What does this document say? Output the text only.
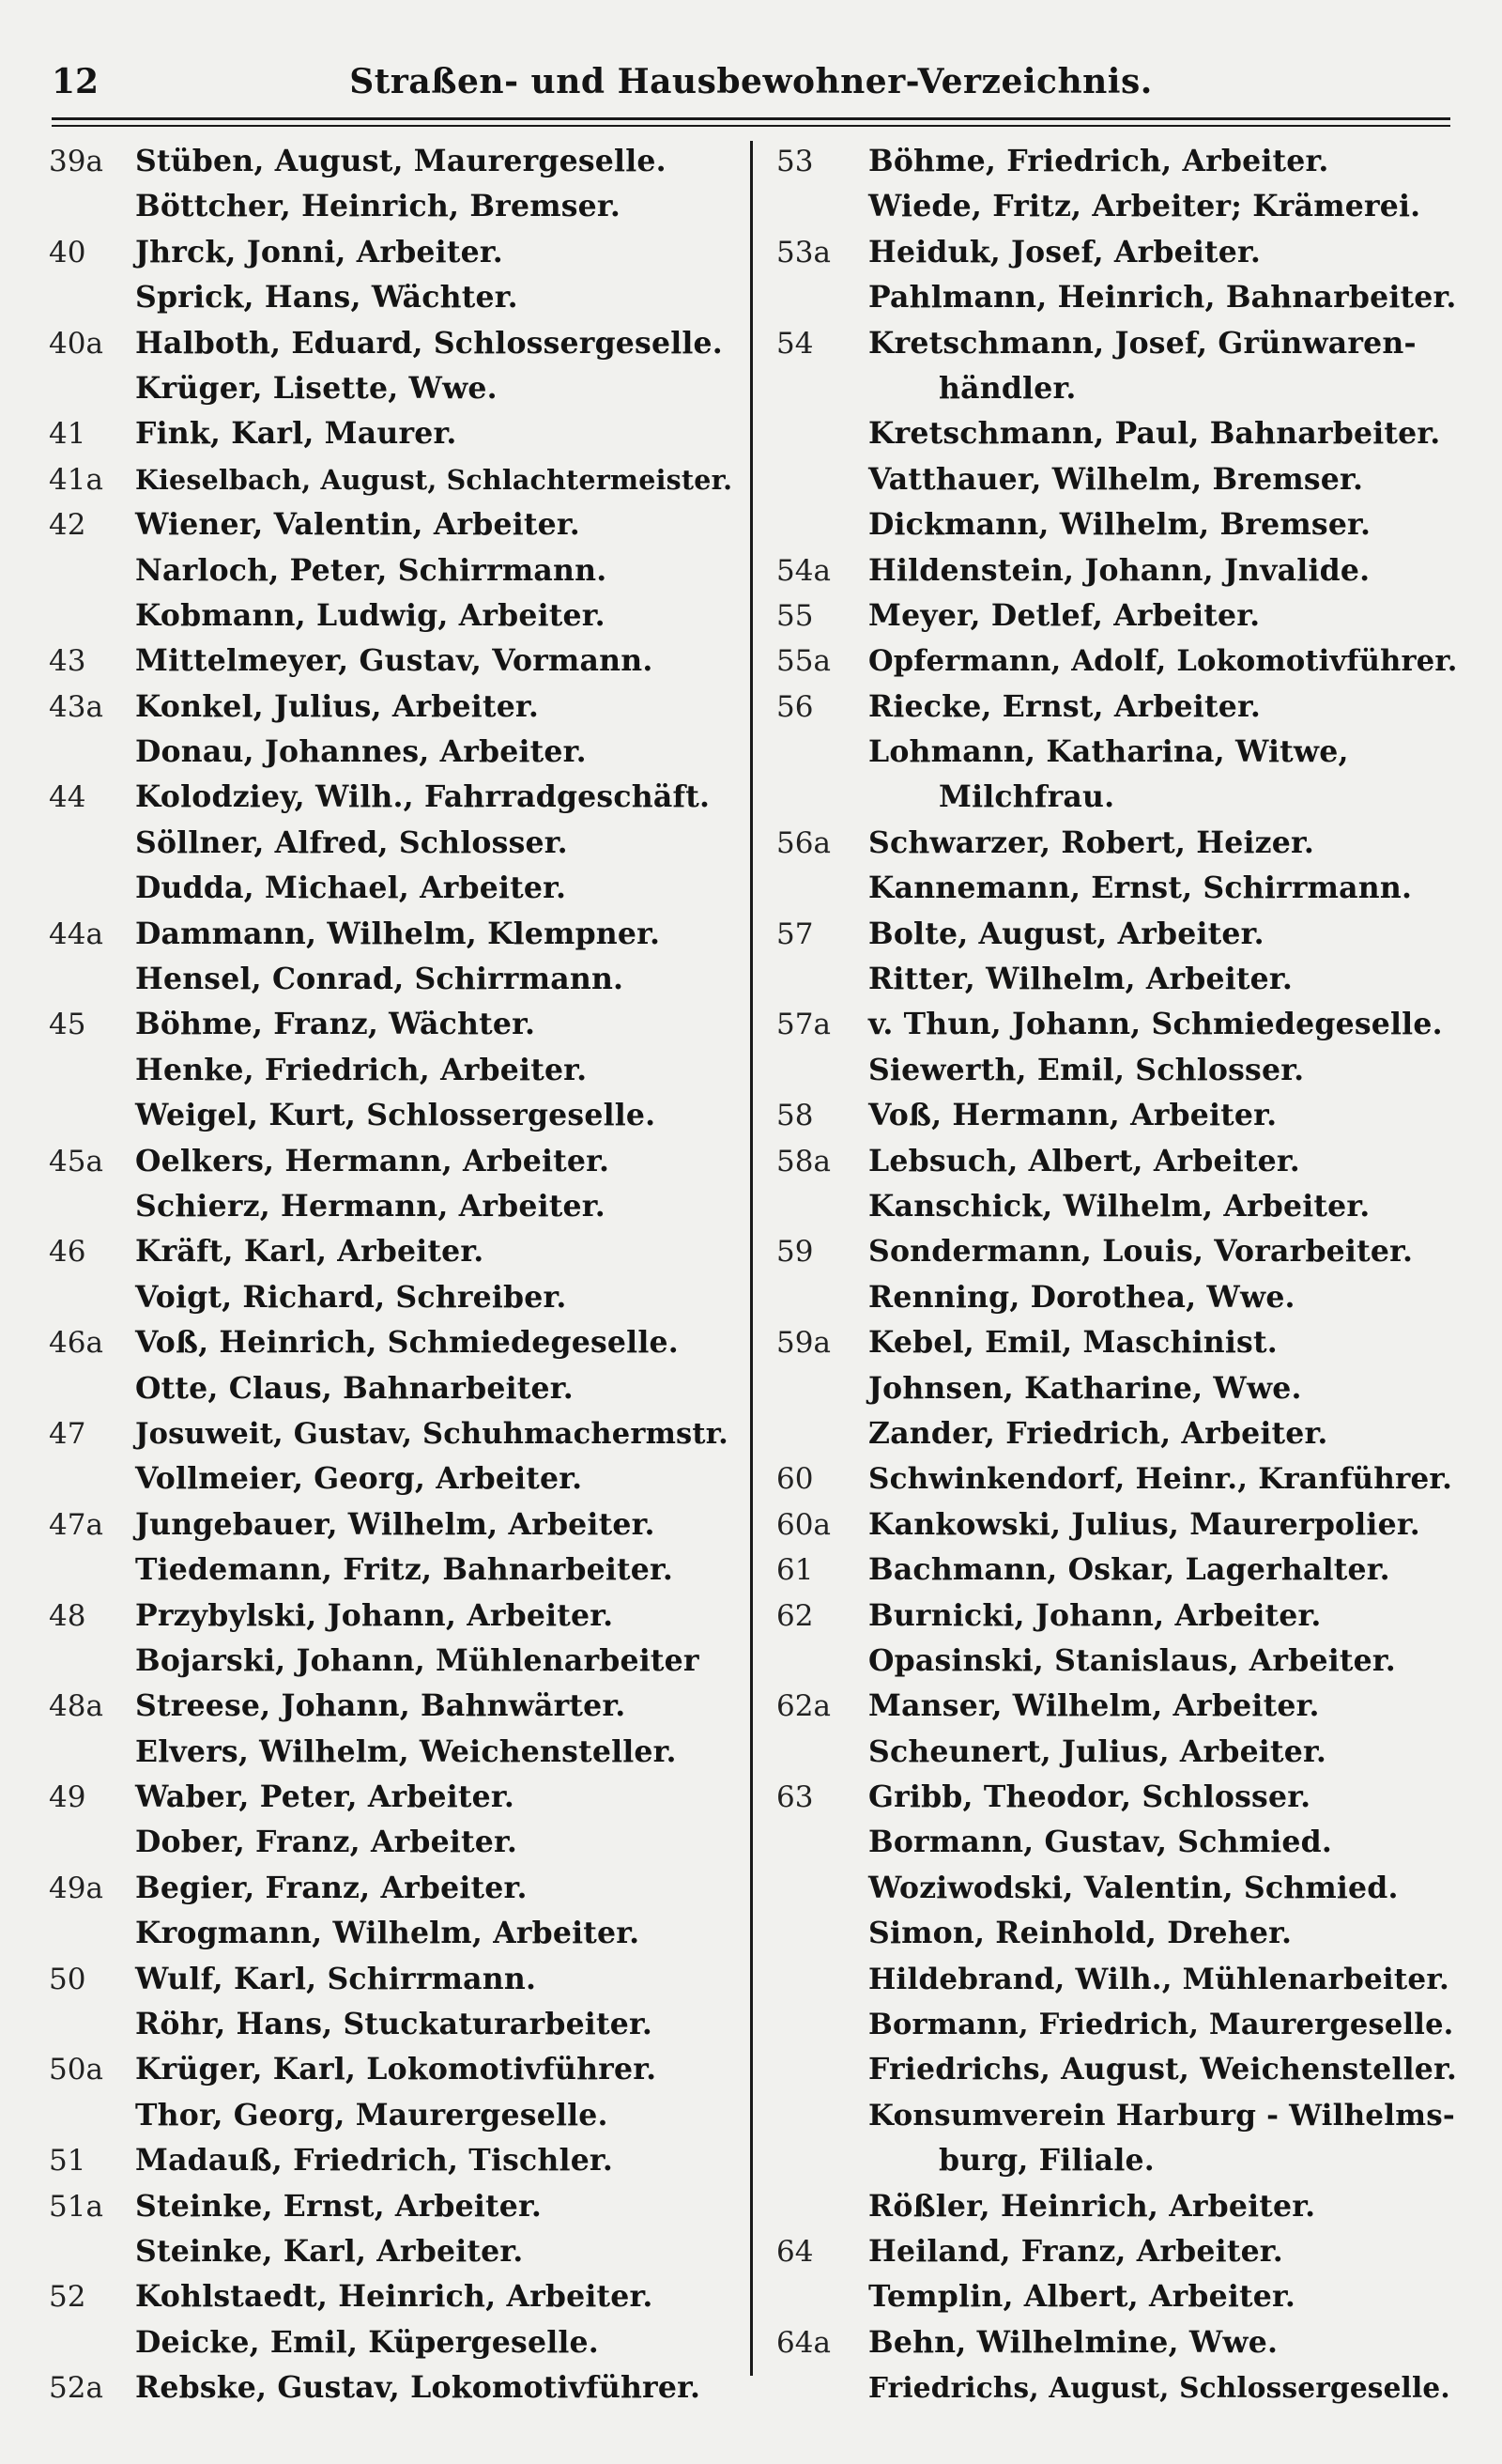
12	Straßen- und Hausbewohner-Verzeichnis.
39a Stüben, August, Maurergeselle.
Böttcher, Heinrich, Bremser.
40 Jhrck, Jonni, Arbeiter.
Sprick, Hans, Wächter.
40a Halboth, Eduard, Schlossergeselle.
Krüger, Lisette, Wwe.
41 Fink, Karl, Maurer.
41a Kieselbach, August, Schlachtermeister.
42 Wiener, Valentin, Arbeiter.
Narloch, Peter, Schirrmann.
Kobmann, Ludwig, Arbeiter.
43 Mittelmeyer, Gustav, Vormann.
43a Konkel, Julius, Arbeiter.
Donau, Johannes, Arbeiter.
44 Kolodziey, Wilh., Fahrradgeschäft.
Söllner, Alfred, Schlosser.
Dudda, Michael, Arbeiter.
44a Dammann, Wilhelm, Klempner.
Hensel, Conrad, Schirrmann.
45 Böhme, Franz, Wächter.
Henke, Friedrich, Arbeiter.
Weigel, Kurt, Schlossergeselle.
45a Oelkers, Hermann, Arbeiter.
Schierz, Hermann, Arbeiter.
46 Kräft, Karl, Arbeiter.
Voigt, Richard, Schreiber.
46a Voß, Heinrich, Schmiedegeselle.
Otte, Claus, Bahnarbeiter.
47 Josuweit, Gustav, Schuhmachermstr.
Vollmeier, Georg, Arbeiter.
47a Jungebauer, Wilhelm, Arbeiter.
Tiedemann, Fritz, Bahnarbeiter.
48 Przybylski, Johann, Arbeiter.
Bojarski, Johann, Mühlenarbeiter
48a Streese, Johann, Bahnwärter.
Elvers, Wilhelm, Weichensteller.
49 Waber, Peter, Arbeiter.
Dober, Franz, Arbeiter.
49a Begier, Franz, Arbeiter.
Krogmann, Wilhelm, Arbeiter.
50 Wulf, Karl, Schirrmann.
Röhr, Hans, Stuckaturarbeiter.
50a Krüger, Karl, Lokomotivführer.
Thor, Georg, Maurergeselle.
51 Madauß, Friedrich, Tischler.
51a Steinke, Ernst, Arbeiter.
Steinke, Karl, Arbeiter.
52 Kohlstaedt, Heinrich, Arbeiter.
Deicke, Emil, Küpergeselle.
52a Rebske, Gustav, Lokomotivführer.
53 Böhme, Friedrich, Arbeiter.
Wiede, Fritz, Arbeiter; Krämerei.
53a Heiduk, Josef, Arbeiter.
Pahlmann, Heinrich, Bahnarbeiter.
54 Kretschmann, Josef, Grünwaren-
händler.
Kretschmann, Paul, Bahnarbeiter.
Vatthauer, Wilhelm, Bremser.
Dickmann, Wilhelm, Bremser.
54a Hildenstein, Johann, Jnvalide.
55 Meyer, Detlef, Arbeiter.
55a Opfermann, Adolf, Lokomotivführer.
56 Riecke, Ernst, Arbeiter.
Lohmann, Katharina, Witwe,
Milchfrau.
56a Schwarzer, Robert, Heizer.
Kannemann, Ernst, Schirrmann.
57 Bolte, August, Arbeiter.
Ritter, Wilhelm, Arbeiter.
57a v. Thun, Johann, Schmiedegeselle.
Siewerth, Emil, Schlosser.
58 Voß, Hermann, Arbeiter.
58a Lebsuch, Albert, Arbeiter.
Kanschick, Wilhelm, Arbeiter.
59 Sondermann, Louis, Vorarbeiter.
Renning, Dorothea, Wwe.
59a Kebel, Emil, Maschinist.
Johnsen, Katharine, Wwe.
Zander, Friedrich, Arbeiter.
60 Schwinkendorf, Heinr., Kranführer.
60a Kankowski, Julius, Maurerpolier.
61 Bachmann, Oskar, Lagerhalter.
62 Burnicki, Johann, Arbeiter.
Opasinski, Stanislaus, Arbeiter.
62a Manser, Wilhelm, Arbeiter.
Scheunert, Julius, Arbeiter.
63 Gribb, Theodor, Schlosser.
Bormann, Gustav, Schmied.
Woziwodski, Valentin, Schmied.
Simon, Reinhold, Dreher.
Hildebrand, Wilh., Mühlenarbeiter.
Bormann, Friedrich, Maurergeselle.
Friedrichs, August, Weichensteller.
Konsumverein Harburg - Wilhelms-
burg, Filiale.
Rößler, Heinrich, Arbeiter.
64 Heiland, Franz, Arbeiter.
Templin, Albert, Arbeiter.
64a Behn, Wilhelmine, Wwe.
Friedrichs, August, Schlossergeselle.
